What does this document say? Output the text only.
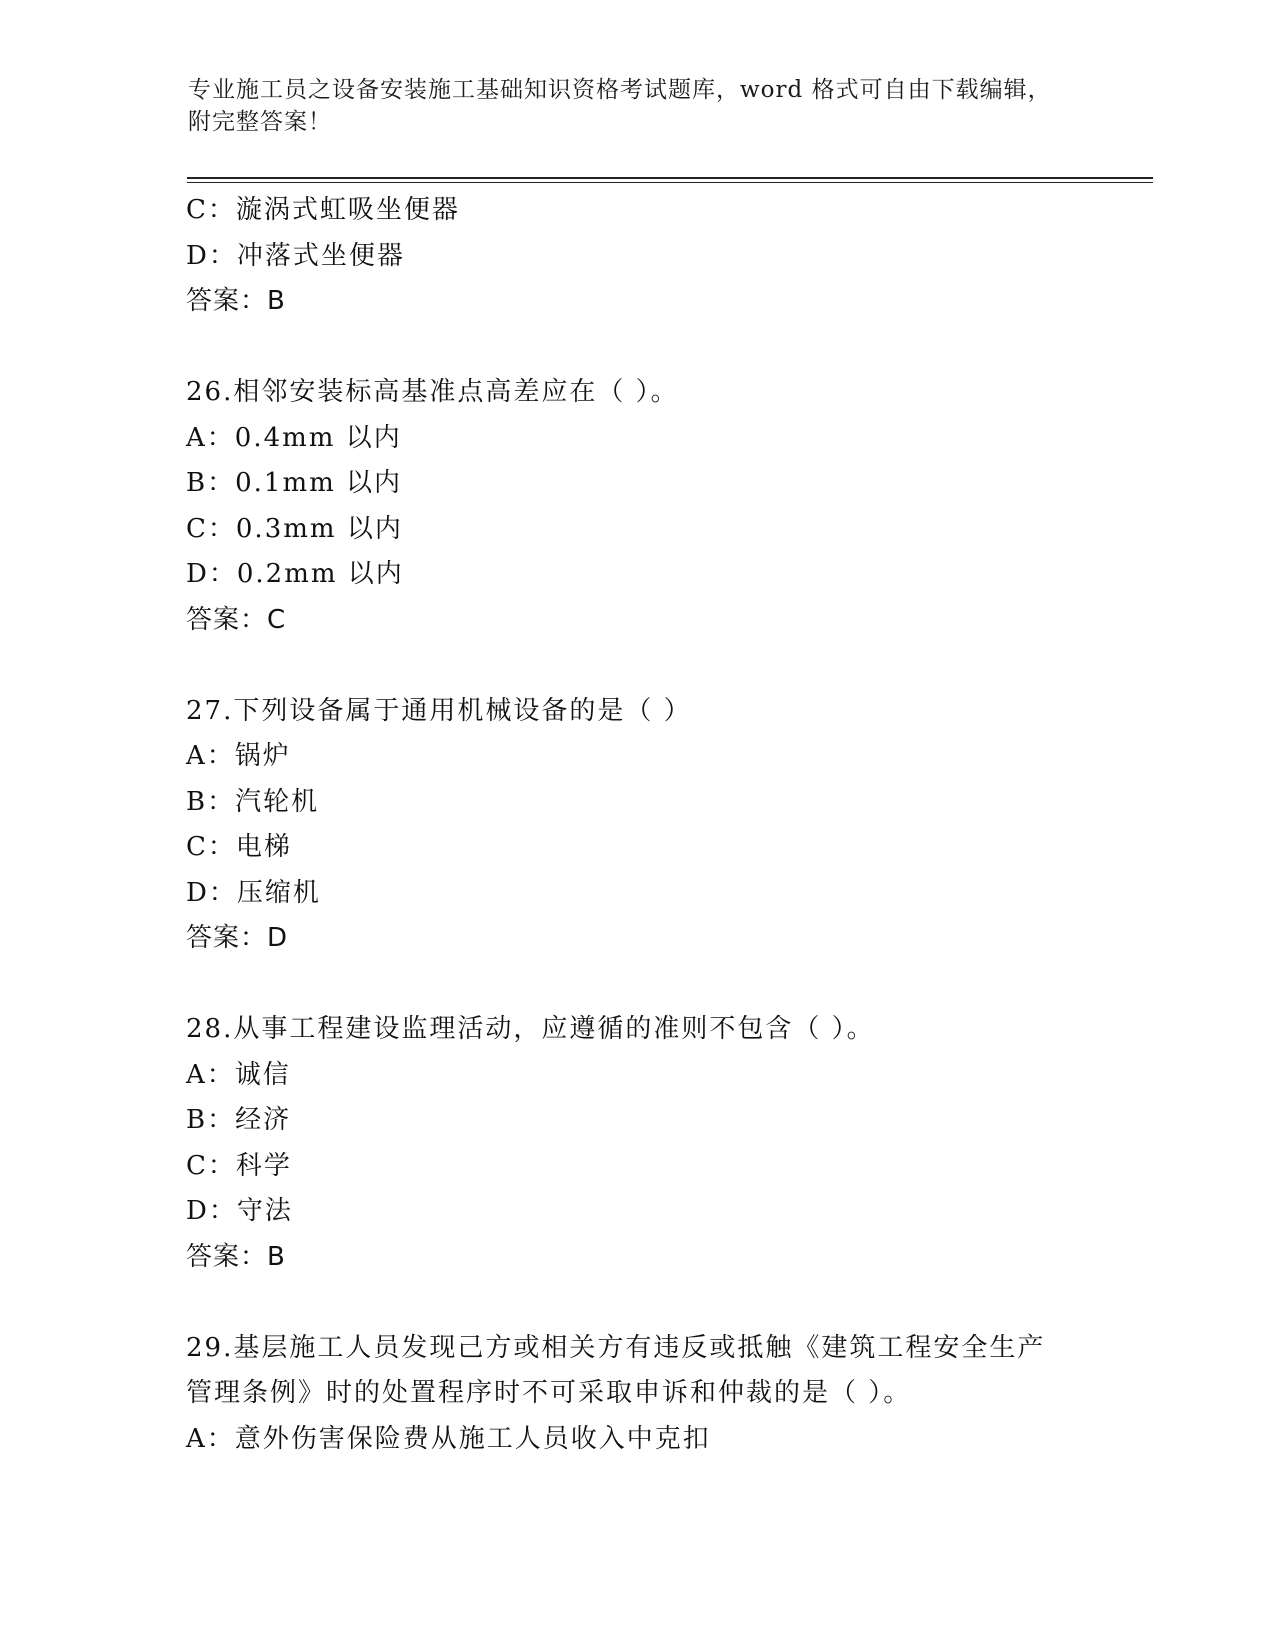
专业施工员之设备安装施工基础知识资格考试题库，word 格式可自由下载编辑，
附完整答案！
C：漩涡式虹吸坐便器
D：冲落式坐便器
答案：B
26.相邻安装标高基准点高差应在（ ）。
A：0.4mm 以内
B：0.1mm 以内
C：0.3mm 以内
D：0.2mm 以内
答案：C
27.下列设备属于通用机械设备的是（ ）
A：锅炉
B：汽轮机
C：电梯
D：压缩机
答案：D
28.从事工程建设监理活动，应遵循的准则不包含（ ）。
A：诚信
B：经济
C：科学
D：守法
答案：B
29.基层施工人员发现己方或相关方有违反或抵触《建筑工程安全生产管理条例》时的处置程序时不可采取申诉和仲裁的是（ ）。
A：意外伤害保险费从施工人员收入中克扣
